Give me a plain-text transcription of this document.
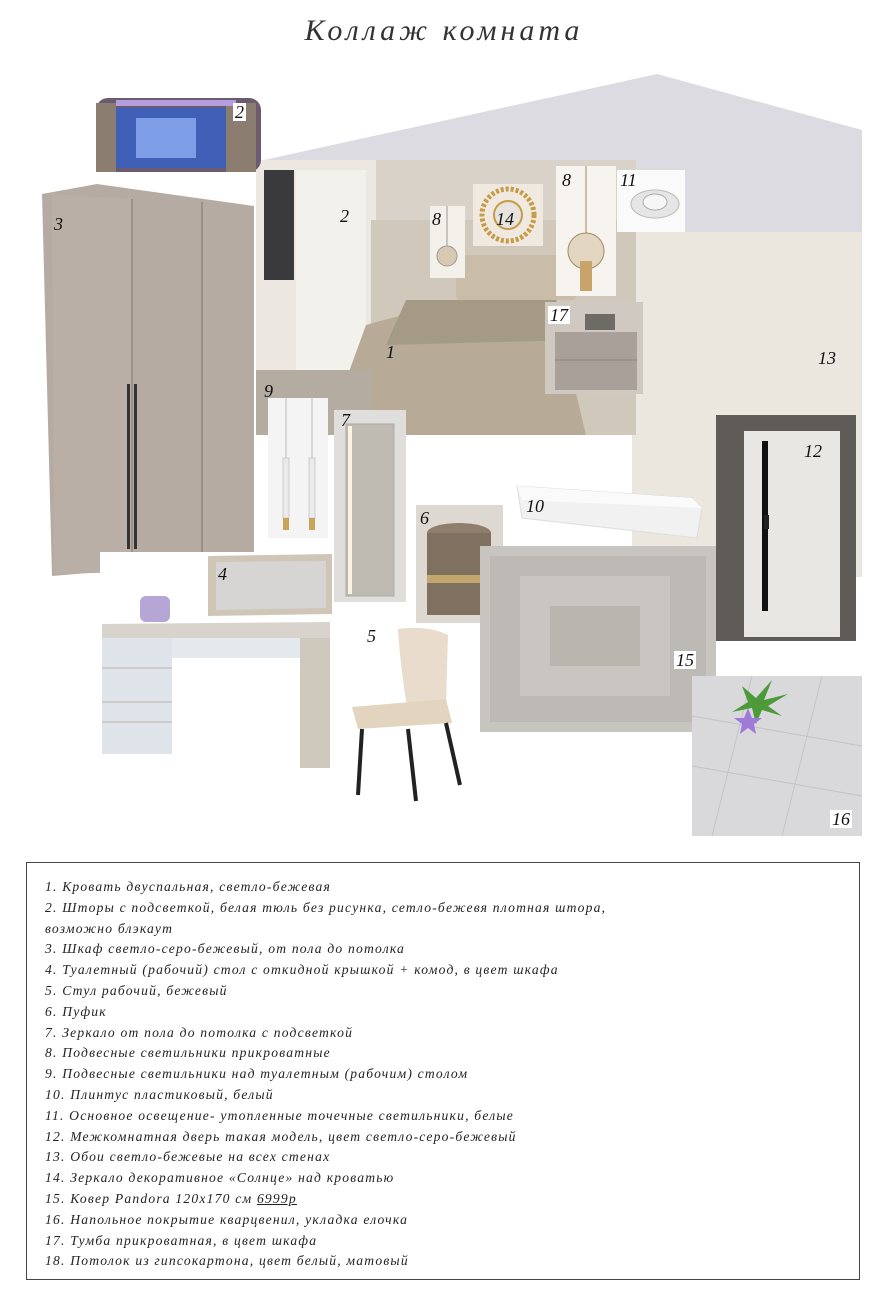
Коллаж комната
2
3	2	8	14
8	11
17
1	13
9
7
12
10
6
4
5
15
16
1. Кровать двуспальная, светло-бежевая
2. Шторы с подсветкой, белая тюль без рисунка, сетло-бежевя плотная штора,
возможно блэкаут
3. Шкаф светло-серо-бежевый, от пола до потолка
4. Туалетный (рабочий) стол с откидной крышкой + комод, в цвет шкафа
5. Стул рабочий, бежевый
6. Пуфик
7. Зеркало от пола до потолка с подсветкой
8. Подвесные светильники прикроватные
9. Подвесные светильники над туалетным (рабочим) столом
10. Плинтус пластиковый, белый
11. Основное освещение- утопленные точечные светильники, белые
12. Межкомнатная дверь такая модель, цвет светло-серо-бежевый
13. Обои светло-бежевые на всех стенах
14. Зеркало декоративное «Солнце» над кроватью
15. Ковер Pandora 120х170 см 6999р
16. Напольное покрытие кварцвенил, укладка елочка
17. Тумба прикроватная, в цвет шкафа
18. Потолок из гипсокартона, цвет белый, матовый
